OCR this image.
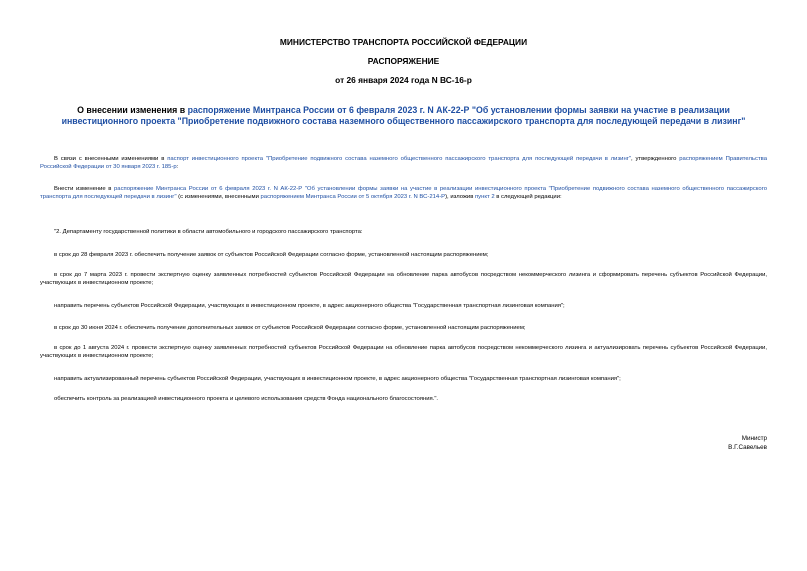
МИНИСТЕРСТВО ТРАНСПОРТА РОССИЙСКОЙ ФЕДЕРАЦИИ
РАСПОРЯЖЕНИЕ
от 26 января 2024 года N ВС-16-р
О внесении изменения в распоряжение Минтранса России от 6 февраля 2023 г. N АК-22-Р "Об установлении формы заявки на участие в реализации инвестиционного проекта "Приобретение подвижного состава наземного общественного пассажирского транспорта для последующей передачи в лизинг"
В связи с внесенными изменениями в паспорт инвестиционного проекта "Приобретение подвижного состава наземного общественного пассажирского транспорта для последующей передачи в лизинг", утвержденного распоряжением Правительства Российской Федерации от 30 января 2023 г. 185-р:
Внести изменение в распоряжение Минтранса России от 6 февраля 2023 г. N АК-22-Р "Об установлении формы заявки на участие в реализации инвестиционного проекта "Приобретение подвижного состава наземного общественного пассажирского транспорта для последующей передачи в лизинг" (с изменениями, внесенными распоряжением Минтранса России от 5 октября 2023 г. N ВС-214-Р), изложив пункт 2 в следующей редакции:
"2. Департаменту государственной политики в области автомобильного и городского пассажирского транспорта:
в срок до 28 февраля 2023 г. обеспечить получение заявок от субъектов Российской Федерации согласно форме, установленной настоящим распоряжением;
в срок до 7 марта 2023 г. провести экспертную оценку заявленных потребностей субъектов Российской Федерации на обновление парка автобусов посредством некоммерческого лизинга и сформировать перечень субъектов Российской Федерации, участвующих в инвестиционном проекте;
направить перечень субъектов Российской Федерации, участвующих в инвестиционном проекте, в адрес акционерного общества "Государственная транспортная лизинговая компания";
в срок до 30 июня 2024 г. обеспечить получение дополнительных заявок от субъектов Российской Федерации согласно форме, установленной настоящим распоряжением;
в срок до 1 августа 2024 г. провести экспертную оценку заявленных потребностей субъектов Российской Федерации на обновление парка автобусов посредством некоммерческого лизинга и актуализировать перечень субъектов Российской Федерации, участвующих в инвестиционном проекте;
направить актуализированный перечень субъектов Российской Федерации, участвующих в инвестиционном проекте, в адрес акционерного общества "Государственная транспортная лизинговая компания";
обеспечить контроль за реализацией инвестиционного проекта и целевого использования средств Фонда национального благосостояния.".
Министр
В.Г.Савельев
